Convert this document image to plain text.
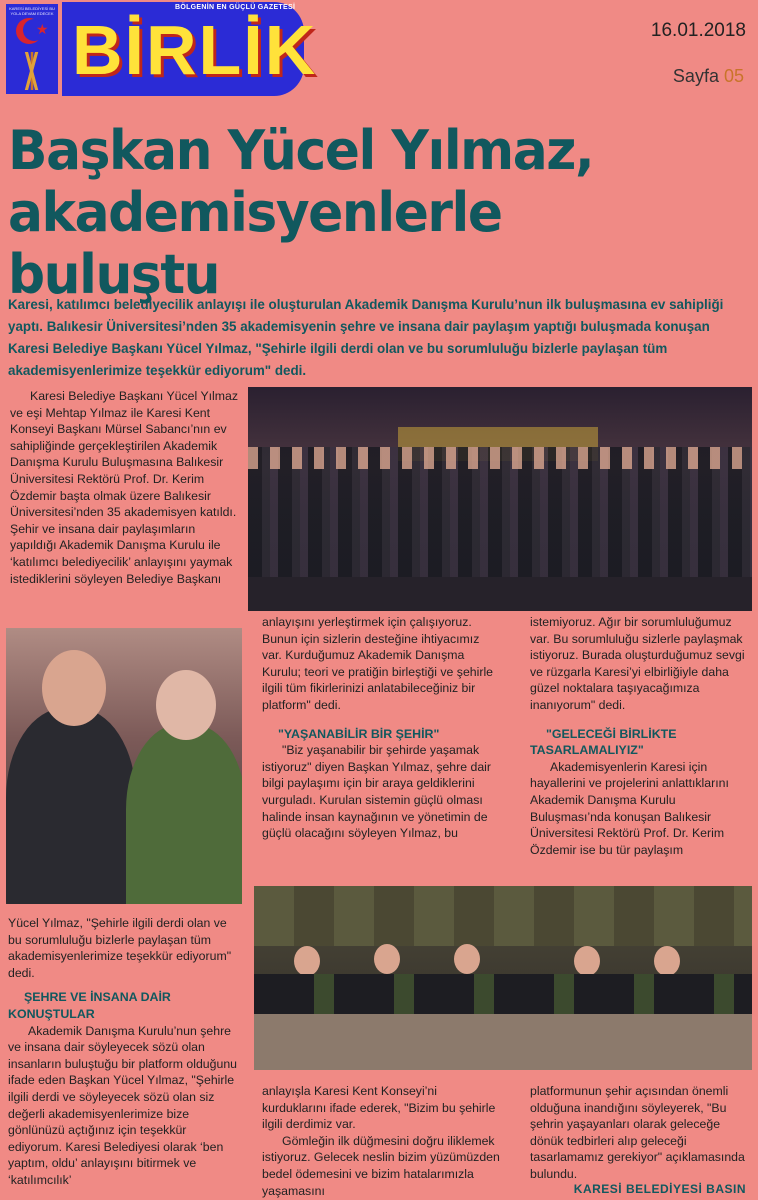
KARESİ BELEDİYESİ BU YOLA DEVAM EDECEK
★
BÖLGENİN EN GÜÇLÜ GAZETESİ
BİRLİK	16.01.2018
Sayfa 05
Başkan Yücel Yılmaz,
akademisyenlerle buluştu
Karesi, katılımcı belediyecilik anlayışı ile oluşturulan Akademik Danışma Kurulu’nun ilk buluşmasına ev sahipliği yaptı. Balıkesir Üniversitesi’nden 35 akademisyenin şehre ve insana dair paylaşım yaptığı buluşmada konuşan Karesi Belediye Başkanı Yücel Yılmaz, "Şehirle ilgili derdi olan ve bu sorumluluğu bizlerle paylaşan tüm akademisyenlerimize teşekkür ediyorum" dedi.

Karesi Belediye Başkanı Yücel Yılmaz ve eşi Mehtap Yılmaz ile Karesi Kent Konseyi Başkanı Mürsel Sabancı’nın ev sahipliğinde gerçekleştirilen Akademik Danışma Kurulu Buluşmasına Balıkesir Üniversitesi Rektörü Prof. Dr. Kerim Özdemir başta olmak üzere Balıkesir Üniversitesi’nden 35 akademisyen katıldı. Şehir ve insana dair paylaşımların yapıldığı Akademik Danışma Kurulu ile ‘katılımcı belediyecilik’ anlayışını yaymak istediklerini söyleyen Belediye Başkanı

Yücel Yılmaz, "Şehirle ilgili derdi olan ve bu sorumluluğu bizlerle paylaşan tüm akademisyenlerimize teşekkür ediyorum" dedi.

ŞEHRE VE İNSANA DAİR KONUŞTULAR

Akademik Danışma Kurulu’nun şehre ve insana dair söyleyecek sözü olan insanların buluştuğu bir platform olduğunu ifade eden Başkan Yücel Yılmaz, "Şehirle ilgili derdi ve söyleyecek sözü olan siz değerli akademisyenlerimize bize gönlünüzü açtığınız için teşekkür ediyorum. Karesi Belediyesi olarak ‘ben yaptım, oldu’ anlayışını bitirmek ve ‘katılımcılık’

anlayışını yerleştirmek için çalışıyoruz. Bunun için sizlerin desteğine ihtiyacımız var. Kurduğumuz Akademik Danışma Kurulu; teori ve pratiğin birleştiği ve şehirle ilgili tüm fikirlerinizi anlatabileceğiniz bir platform" dedi.

"YAŞANABİLİR BİR ŞEHİR"

"Biz yaşanabilir bir şehirde yaşamak istiyoruz" diyen Başkan Yılmaz, şehre dair bilgi paylaşımı için bir araya geldiklerini vurguladı. Kurulan sistemin güçlü olması halinde insan kaynağının ve yönetimin de güçlü olacağını söyleyen Yılmaz, bu

anlayışla Karesi Kent Konseyi’ni kurduklarını ifade ederek, "Bizim bu şehirle ilgili derdimiz var.

Gömleğin ilk düğmesini doğru iliklemek istiyoruz. Gelecek neslin bizim yüzümüzden bedel ödemesini ve bizim hatalarımızla yaşamasını

istemiyoruz. Ağır bir sorumluluğumuz var. Bu sorumluluğu sizlerle paylaşmak istiyoruz. Burada oluşturduğumuz sevgi ve rüzgarla Karesi’yi elbirliğiyle daha güzel noktalara taşıyacağımıza inanıyorum" dedi.

"GELECEĞİ BİRLİKTE TASARLAMALIYIZ"

Akademisyenlerin Karesi için hayallerini ve projelerini anlattıklarını Akademik Danışma Kurulu Buluşması’nda konuşan Balıkesir Üniversitesi Rektörü Prof. Dr. Kerim Özdemir ise bu tür paylaşım

platformunun şehir açısından önemli olduğuna inandığını söyleyerek, "Bu şehrin yaşayanları olarak geleceğe dönük tedbirleri alıp geleceği tasarlamamız gerekiyor" açıklamasında bulundu.

KARESİ BELEDİYESİ BASIN
